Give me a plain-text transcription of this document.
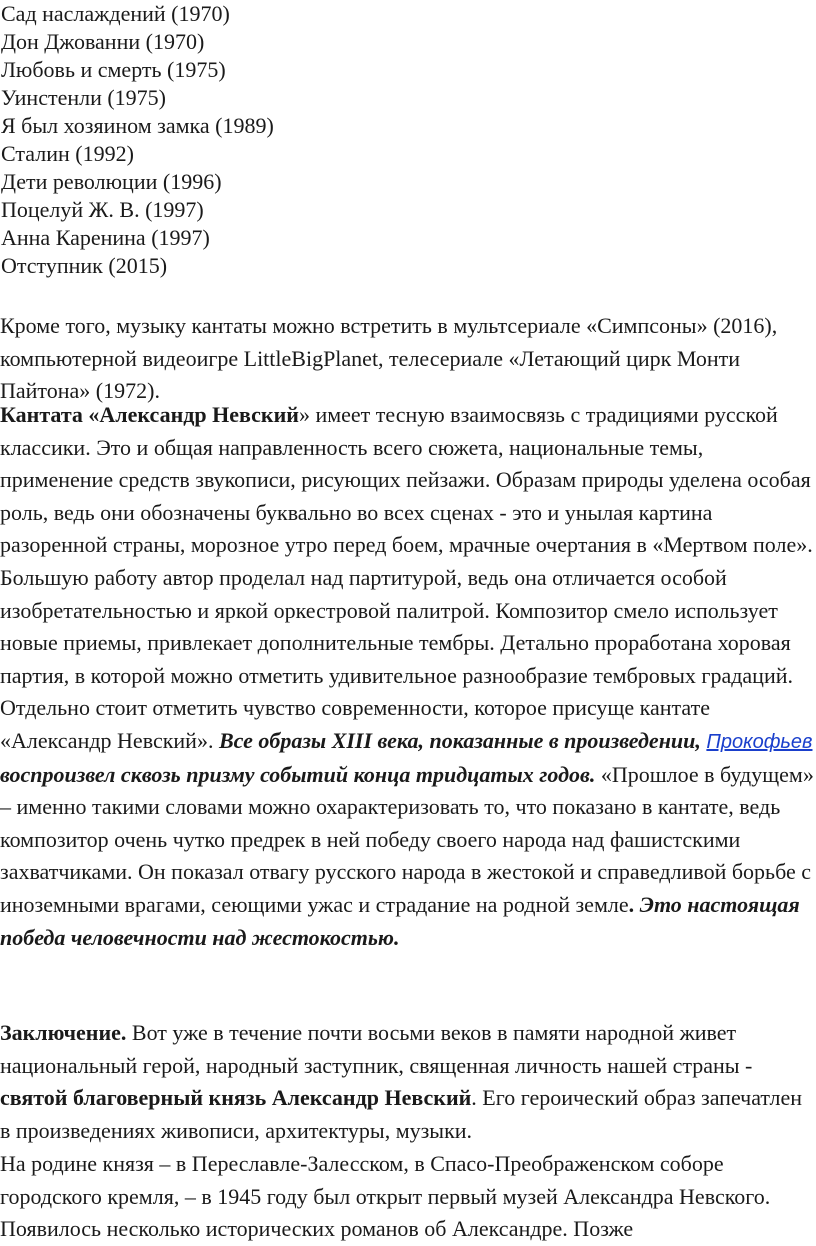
Сад наслаждений (1970)
Дон Джованни (1970)
Любовь и смерть (1975)
Уинстенли (1975)
Я был хозяином замка (1989)
Сталин (1992)
Дети революции (1996)
Поцелуй Ж. В. (1997)
Анна Каренина (1997)
Отступник (2015)
Кроме того, музыку кантаты можно встретить в мультсериале «Симпсоны» (2016), компьютерной видеоигре LittleBigPlanet, телесериале «Летающий цирк Монти Пайтона» (1972).
Кантата «Александр Невский» имеет тесную взаимосвязь с традициями русской классики. Это и общая направленность всего сюжета, национальные темы, применение средств звукописи, рисующих пейзажи. Образам природы уделена особая роль, ведь они обозначены буквально во всех сценах - это и унылая картина разоренной страны, морозное утро перед боем, мрачные очертания в «Мертвом поле». Большую работу автор проделал над партитурой, ведь она отличается особой изобретательностью и яркой оркестровой палитрой. Композитор смело использует новые приемы, привлекает дополнительные тембры. Детально проработана хоровая партия, в которой можно отметить удивительное разнообразие тембровых градаций. Отдельно стоит отметить чувство современности, которое присуще кантате «Александр Невский». Все образы XIII века, показанные в произведении, Прокофьев воспроизвел сквозь призму событий конца тридцатых годов. «Прошлое в будущем» – именно такими словами можно охарактеризовать то, что показано в кантате, ведь композитор очень чутко предрек в ней победу своего народа над фашистскими захватчиками. Он показал отвагу русского народа в жестокой и справедливой борьбе с иноземными врагами, сеющими ужас и страдание на родной земле. Это настоящая победа человечности над жестокостью.
Заключение. Вот уже в течение почти восьми веков в памяти народной живет национальный герой, народный заступник, священная личность нашей страны - святой благоверный князь Александр Невский. Его героический образ запечатлен в произведениях живописи, архитектуры, музыки.
На родине князя – в Переславле-Залесском, в Спасо-Преображенском соборе городского кремля, – в 1945 году был открыт первый музей Александра Невского. Появилось несколько исторических романов об Александре. Позже
